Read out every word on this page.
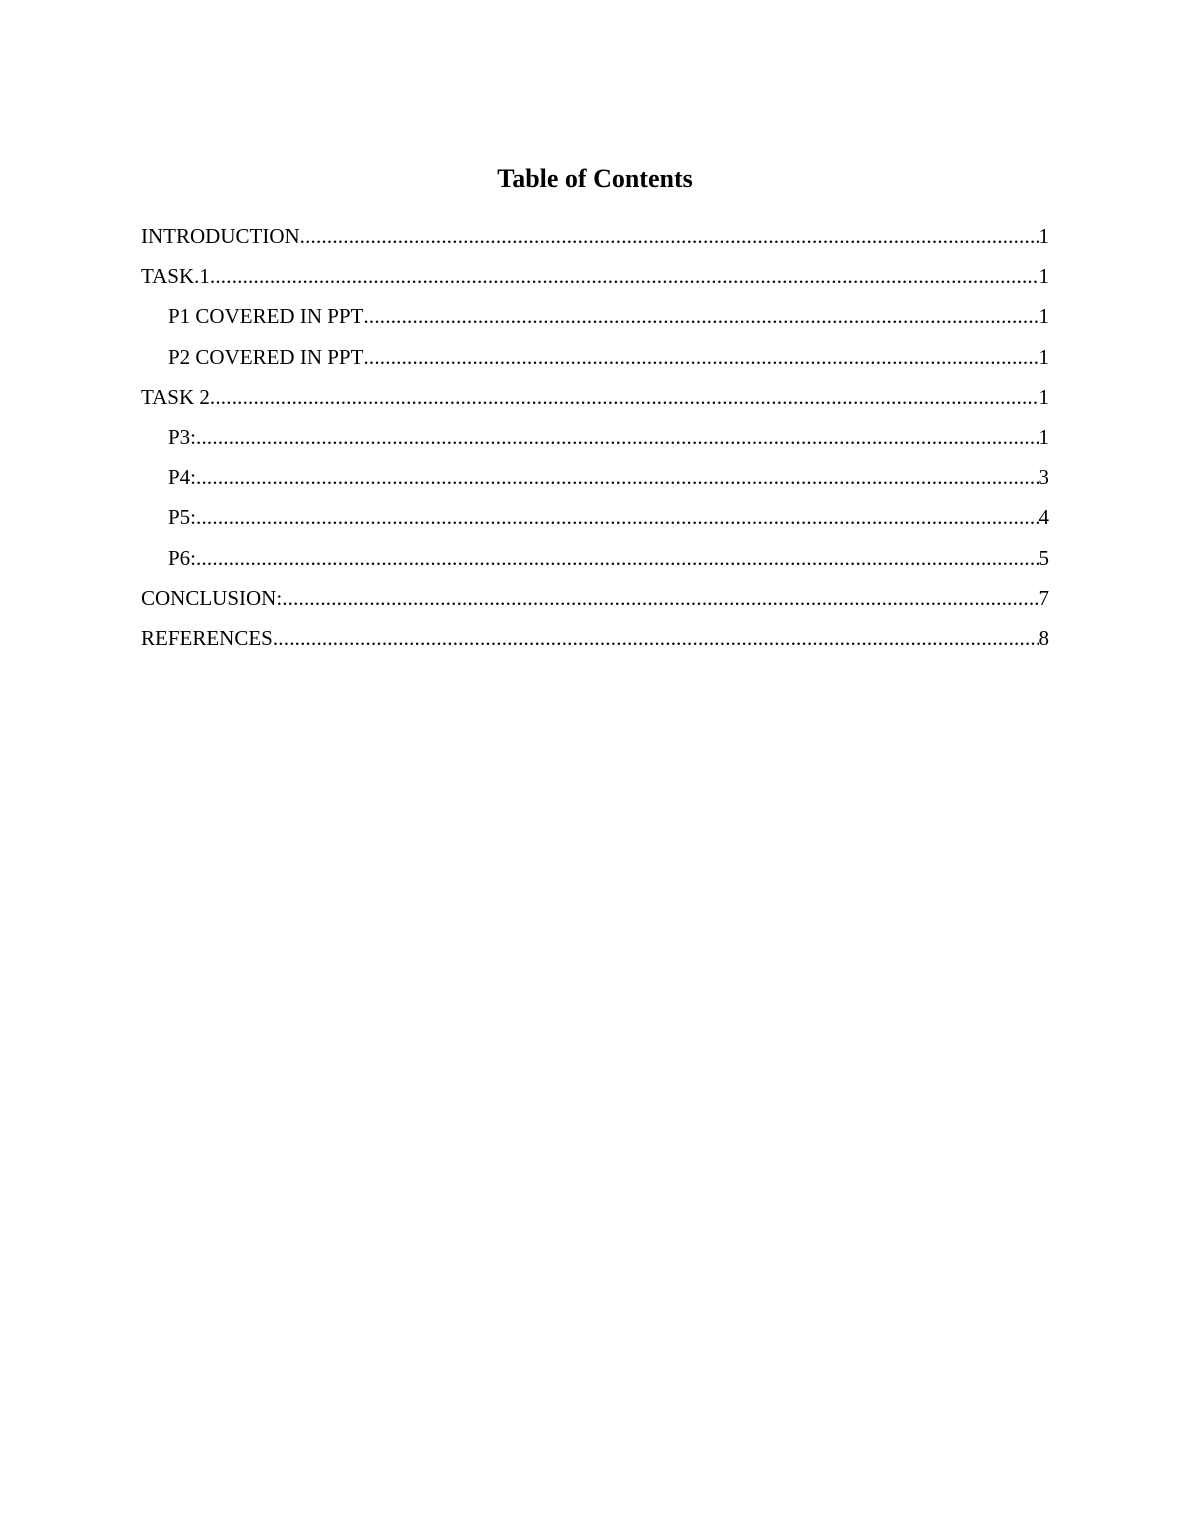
Table of Contents
INTRODUCTION .....	1
TASK.1 .....	1
P1 COVERED IN PPT .....	1
P2 COVERED IN PPT .....	1
TASK 2 .....	1
P3: .....	1
P4: .....	3
P5: .....	4
P6: .....	5
CONCLUSION: .....	7
REFERENCES .....	8
